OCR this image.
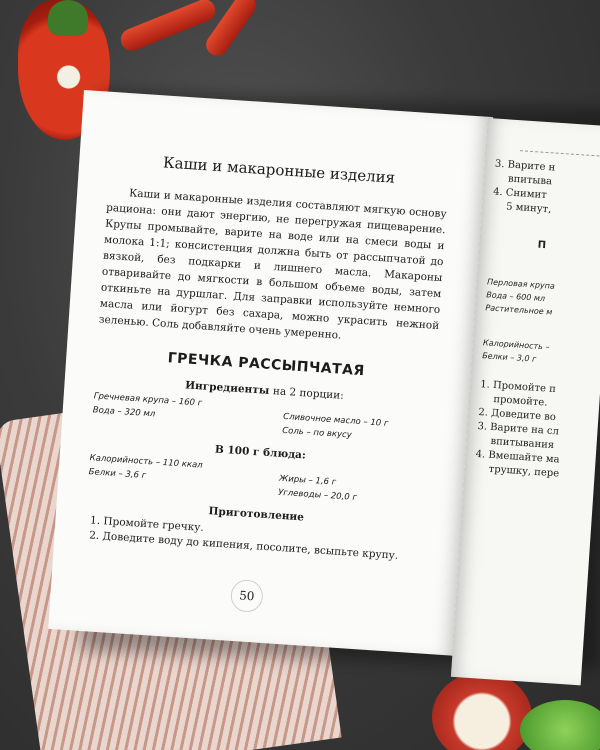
Каши и макаронные изделия

Каши и макаронные изделия составляют мягкую основу рациона: они дают энергию, не перегружая пищеварение. Крупы промывайте, варите на воде или на смеси воды и молока 1:1; консистенция должна быть от рассыпчатой до вязкой, без подкарки и лишнего масла. Макароны отваривайте до мягкости в большом объеме воды, затем откиньте на дуршлаг. Для заправки используйте немного масла или йогурт без сахара, можно украсить нежной зеленью. Соль добавляйте очень умеренно.

ГРЕЧКА РАССЫПЧАТАЯ
Ингредиенты на 2 порции:
Гречневая крупа – 160 г
Вода – 320 мл	Сливочное масло – 10 г
Соль – по вкусу
В 100 г блюда:
Калорийность – 110 ккал
Белки – 3,6 г	Жиры – 1,6 г
Углеводы – 20,0 г
Приготовление
1. Промойте гречку.
2. Доведите воду до кипения, посолите, всыпьте крупу.
50
3. Варите н
впитыва
4. Снимит
5 минут,
П
Перловая крупа
Вода – 600 мл
Растительное м
Калорийность –
Белки – 3,0 г
1. Промойте п
промойте.
2. Доведите во
3. Варите на сл
впитывания
4. Вмешайте ма
трушку, пере
